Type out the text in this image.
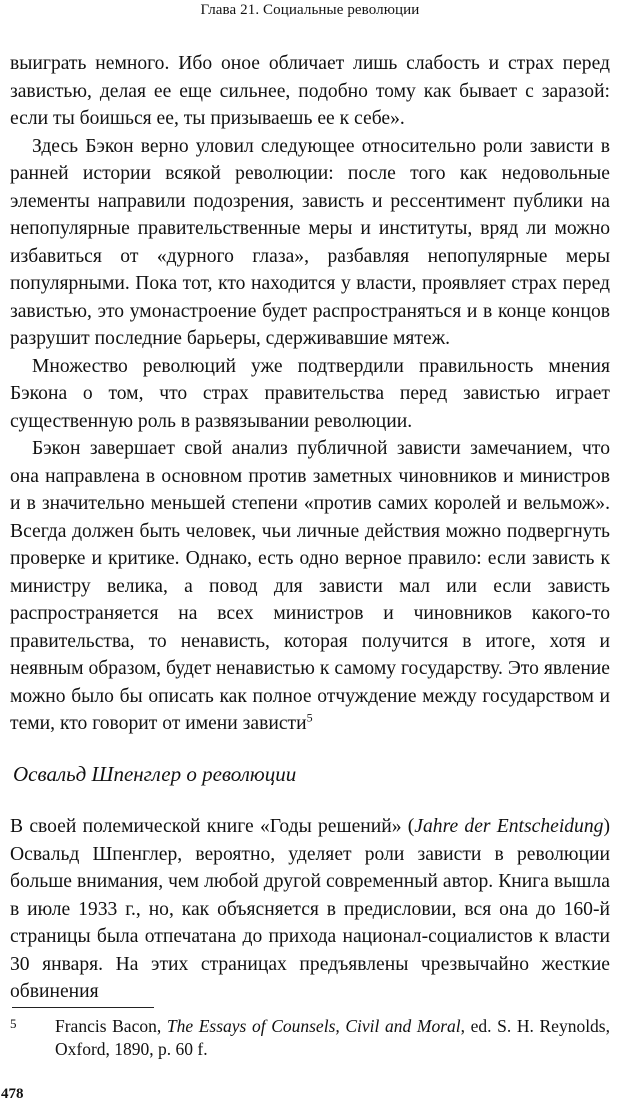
Глава 21. Социальные революции

выиграть немного. Ибо оное обличает лишь слабость и страх перед завистью, делая ее еще сильнее, подобно тому как бывает с заразой: если ты боишься ее, ты призываешь ее к себе».

Здесь Бэкон верно уловил следующее относительно роли зависти в ранней истории всякой революции: после того как недовольные элементы направили подозрения, зависть и рессентимент публики на непопулярные правительственные меры и институты, вряд ли можно избавиться от «дурного глаза», разбавляя непопулярные меры популярными. Пока тот, кто находится у власти, проявляет страх перед завистью, это умонастроение будет распространяться и в конце концов разрушит последние барьеры, сдерживавшие мятеж.

Множество революций уже подтвердили правильность мнения Бэкона о том, что страх правительства перед завистью играет существенную роль в развязывании революции.

Бэкон завершает свой анализ публичной зависти замечанием, что она направлена в основном против заметных чиновников и министров и в значительно меньшей степени «против самих королей и вельмож». Всегда должен быть человек, чьи личные действия можно подвергнуть проверке и критике. Однако, есть одно верное правило: если зависть к министру велика, а повод для зависти мал или если зависть распространяется на всех министров и чиновников какого-то правительства, то ненависть, которая получится в итоге, хотя и неявным образом, будет ненавистью к самому государству. Это явление можно было бы описать как полное отчуждение между государством и теми, кто говорит от имени зависти$^5$

Освальд Шпенглер о революции

В своей полемической книге «Годы решений» (Jahre der Entscheidung) Освальд Шпенглер, вероятно, уделяет роли зависти в революции больше внимания, чем любой другой современный автор. Книга вышла в июле 1933 г., но, как объясняется в предисловии, вся она до 160-й страницы была отпечатана до прихода национал-социалистов к власти 30 января. На этих страницах предъявлены чрезвычайно жесткие обвинения

5 Francis Bacon, The Essays of Counsels, Civil and Moral, ed. S. H. Reynolds, Oxford, 1890, p. 60 f.
478
